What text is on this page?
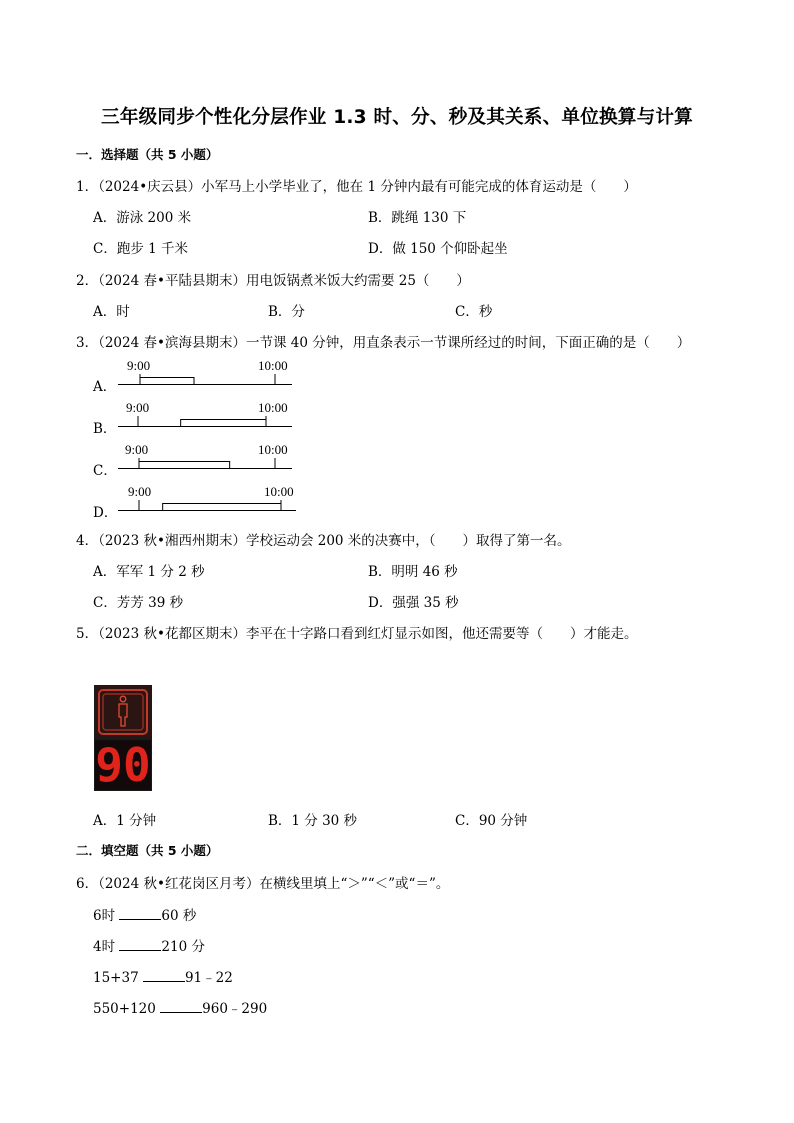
三年级同步个性化分层作业 1.3 时、分、秒及其关系、单位换算与计算
一．选择题（共 5 小题）
1．（2024•庆云县）小军马上小学毕业了，他在 1 分钟内最有可能完成的体育运动是（　　）
A．游泳 200 米	B．跳绳 130 下
C．跑步 1 千米	D．做 150 个仰卧起坐
2．（2024 春•平陆县期末）用电饭锅煮米饭大约需要 25（　　）
A．时	B．分	C．秒
3．（2024 春•滨海县期末）一节课 40 分钟，用直条表示一节课所经过的时间，下面正确的是（　　）
A．
B．
C．
D．
9:00	10:00
9:00	10:00
9:00	10:00
9:00	10:00
4．（2023 秋•湘西州期末）学校运动会 200 米的决赛中，（　　）取得了第一名。
A．军军 1 分 2 秒	B．明明 46 秒
C．芳芳 39 秒	D．强强 35 秒
5．（2023 秋•花都区期末）李平在十字路口看到红灯显示如图，他还需要等（　　）才能走。
90
A．1 分钟	B．1 分 30 秒	C．90 分钟
二．填空题（共 5 小题）
6．（2024 秋•红花岗区月考）在横线里填上“＞”“＜”或“＝”。
6时	60 秒
4时	210 分
15+37	91﹣22
550+120	960﹣290
